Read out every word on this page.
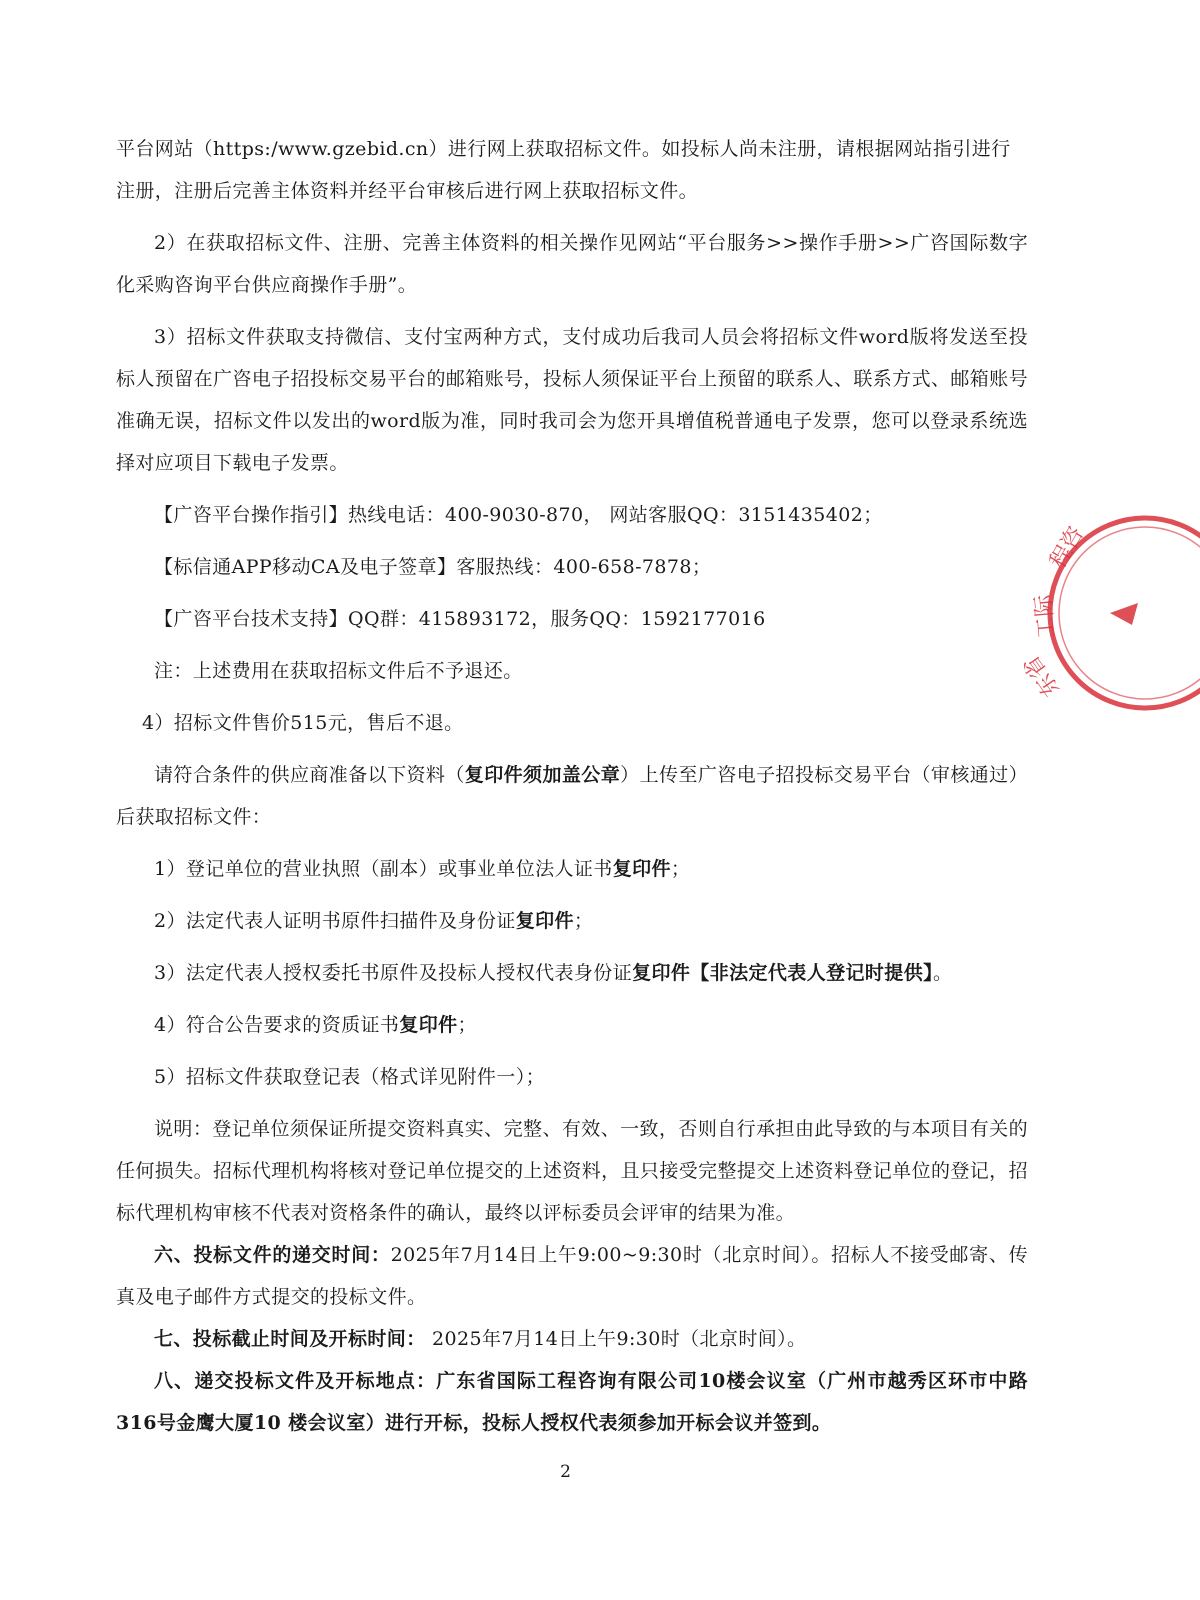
平台网站（https:/www.gzebid.cn）进行网上获取招标文件。如投标人尚未注册，请根据网站指引进行

注册，注册后完善主体资料并经平台审核后进行网上获取招标文件。

2）在获取招标文件、注册、完善主体资料的相关操作见网站“平台服务>>操作手册>>广咨国际数字化采购咨询平台供应商操作手册”。

3）招标文件获取支持微信、支付宝两种方式，支付成功后我司人员会将招标文件word版将发送至投标人预留在广咨电子招投标交易平台的邮箱账号，投标人须保证平台上预留的联系人、联系方式、邮箱账号准确无误，招标文件以发出的word版为准，同时我司会为您开具增值税普通电子发票，您可以登录系统选择对应项目下载电子发票。

【广咨平台操作指引】热线电话：400-9030-870， 网站客服QQ：3151435402；

【标信通APP移动CA及电子签章】客服热线：400-658-7878；

【广咨平台技术支持】QQ群：415893172，服务QQ：1592177016

注：上述费用在获取招标文件后不予退还。

4）招标文件售价515元，售后不退。

请符合条件的供应商准备以下资料（复印件须加盖公章）上传至广咨电子招投标交易平台（审核通过）后获取招标文件：

1）登记单位的营业执照（副本）或事业单位法人证书复印件；

2）法定代表人证明书原件扫描件及身份证复印件；

3）法定代表人授权委托书原件及投标人授权代表身份证复印件【非法定代表人登记时提供】。

4）符合公告要求的资质证书复印件；

5）招标文件获取登记表（格式详见附件一）；

说明：登记单位须保证所提交资料真实、完整、有效、一致，否则自行承担由此导致的与本项目有关的任何损失。招标代理机构将核对登记单位提交的上述资料，且只接受完整提交上述资料登记单位的登记，招标代理机构审核不代表对资格条件的确认，最终以评标委员会评审的结果为准。

六、投标文件的递交时间：2025年7月14日上午9:00~9:30时（北京时间）。招标人不接受邮寄、传真及电子邮件方式提交的投标文件。

七、投标截止时间及开标时间： 2025年7月14日上午9:30时（北京时间）。

八、递交投标文件及开标地点：广东省国际工程咨询有限公司10楼会议室（广州市越秀区环市中路316号金鹰大厦10 楼会议室）进行开标，投标人授权代表须参加开标会议并签到。

2
程咨
工际
东省
